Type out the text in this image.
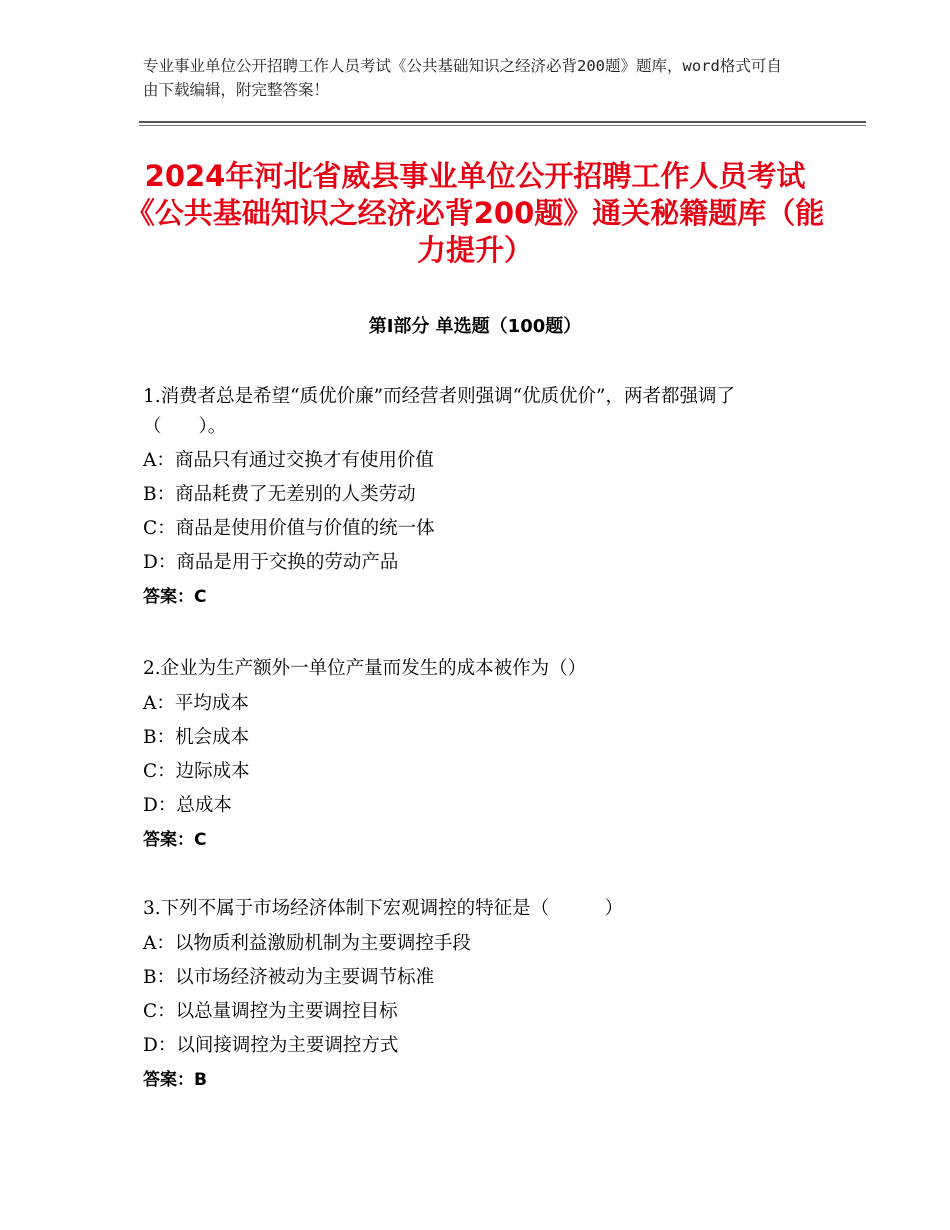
专业事业单位公开招聘工作人员考试《公共基础知识之经济必背200题》题库，word格式可自由下载编辑，附完整答案！
2024年河北省威县事业单位公开招聘工作人员考试《公共基础知识之经济必背200题》通关秘籍题库（能力提升）
第Ⅰ部分 单选题（100题）

1.消费者总是希望“质优价廉”而经营者则强调“优质优价”，两者都强调了（　　）。

A：商品只有通过交换才有使用价值

B：商品耗费了无差别的人类劳动

C：商品是使用价值与价值的统一体

D：商品是用于交换的劳动产品

答案：C

2.企业为生产额外一单位产量而发生的成本被作为（）

A：平均成本

B：机会成本

C：边际成本

D：总成本

答案：C

3.下列不属于市场经济体制下宏观调控的特征是（　　　）

A：以物质利益激励机制为主要调控手段

B：以市场经济被动为主要调节标准

C：以总量调控为主要调控目标

D：以间接调控为主要调控方式

答案：B
